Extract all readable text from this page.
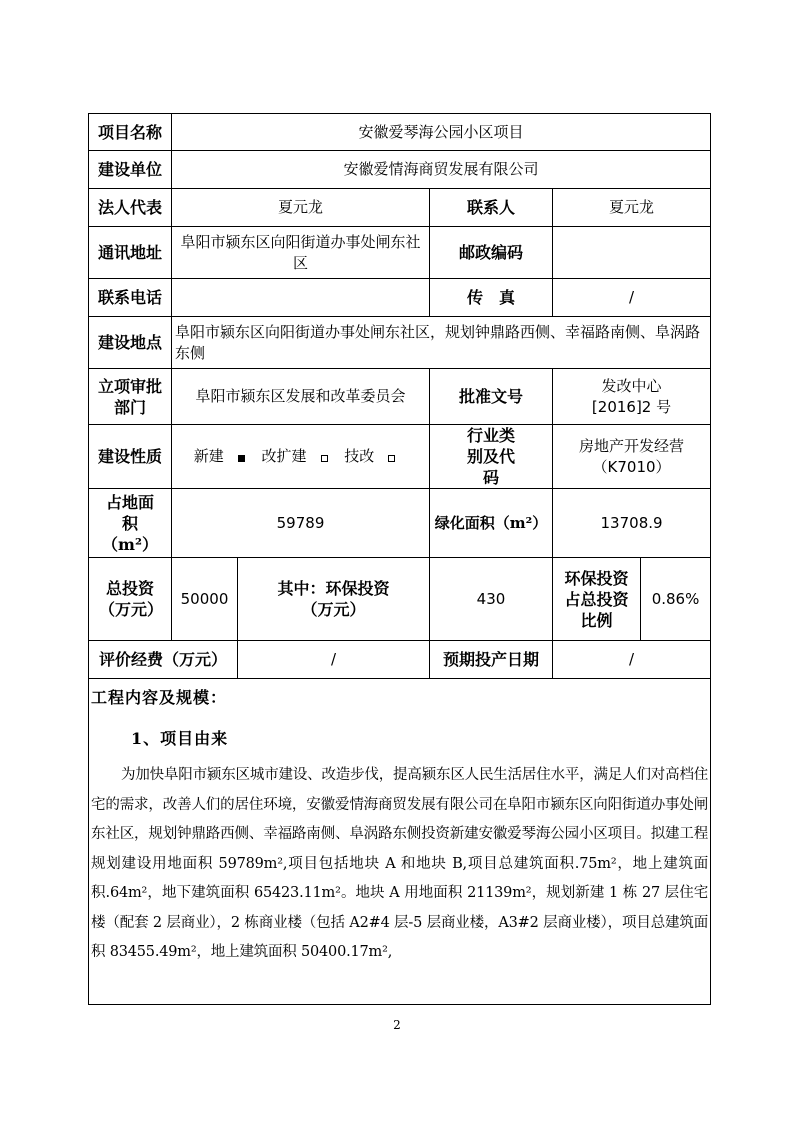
项目名称	安徽爱琴海公园小区项目				
建设单位	安徽爱情海商贸发展有限公司				
法人代表	夏元龙		联系人	夏元龙	
通讯地址	阜阳市颍东区向阳街道办事处闸东社区		邮政编码		
联系电话			传　真	/	
建设地点	阜阳市颍东区向阳街道办事处闸东社区，规划钟鼎路西侧、幸福路南侧、阜涡路东侧				
立项审批部门	阜阳市颍东区发展和改革委员会		批准文号	发改中心
[2016]2 号	

建设性质	新建 改扩建 技改		行业类别及代码	房地产开发经营
（K7010）	

占地面积（m²）	59789		绿化面积（m²）	13708.9	
总投资（万元）	50000	其中：环保投资（万元）	430	环保投资占总投资比例	0.86%
评价经费（万元）		/	预期投产日期	/	

工程内容及规模：
1、项目由来

为加快阜阳市颍东区城市建设、改造步伐，提高颍东区人民生活居住水平，满足人们对高档住宅的需求，改善人们的居住环境，安徽爱情海商贸发展有限公司在阜阳市颍东区向阳街道办事处闸东社区，规划钟鼎路西侧、幸福路南侧、阜涡路东侧投资新建安徽爱琴海公园小区项目。拟建工程规划建设用地面积 59789m²,项目包括地块 A 和地块 B,项目总建筑面积.75m²，地上建筑面积.64m²，地下建筑面积 65423.11m²。地块 A 用地面积 21139m²，规划新建 1 栋 27 层住宅楼（配套 2 层商业），2 栋商业楼（包括 A2#4 层-5 层商业楼，A3#2 层商业楼），项目总建筑面积 83455.49m²，地上建筑面积 50400.17m²,					

2
